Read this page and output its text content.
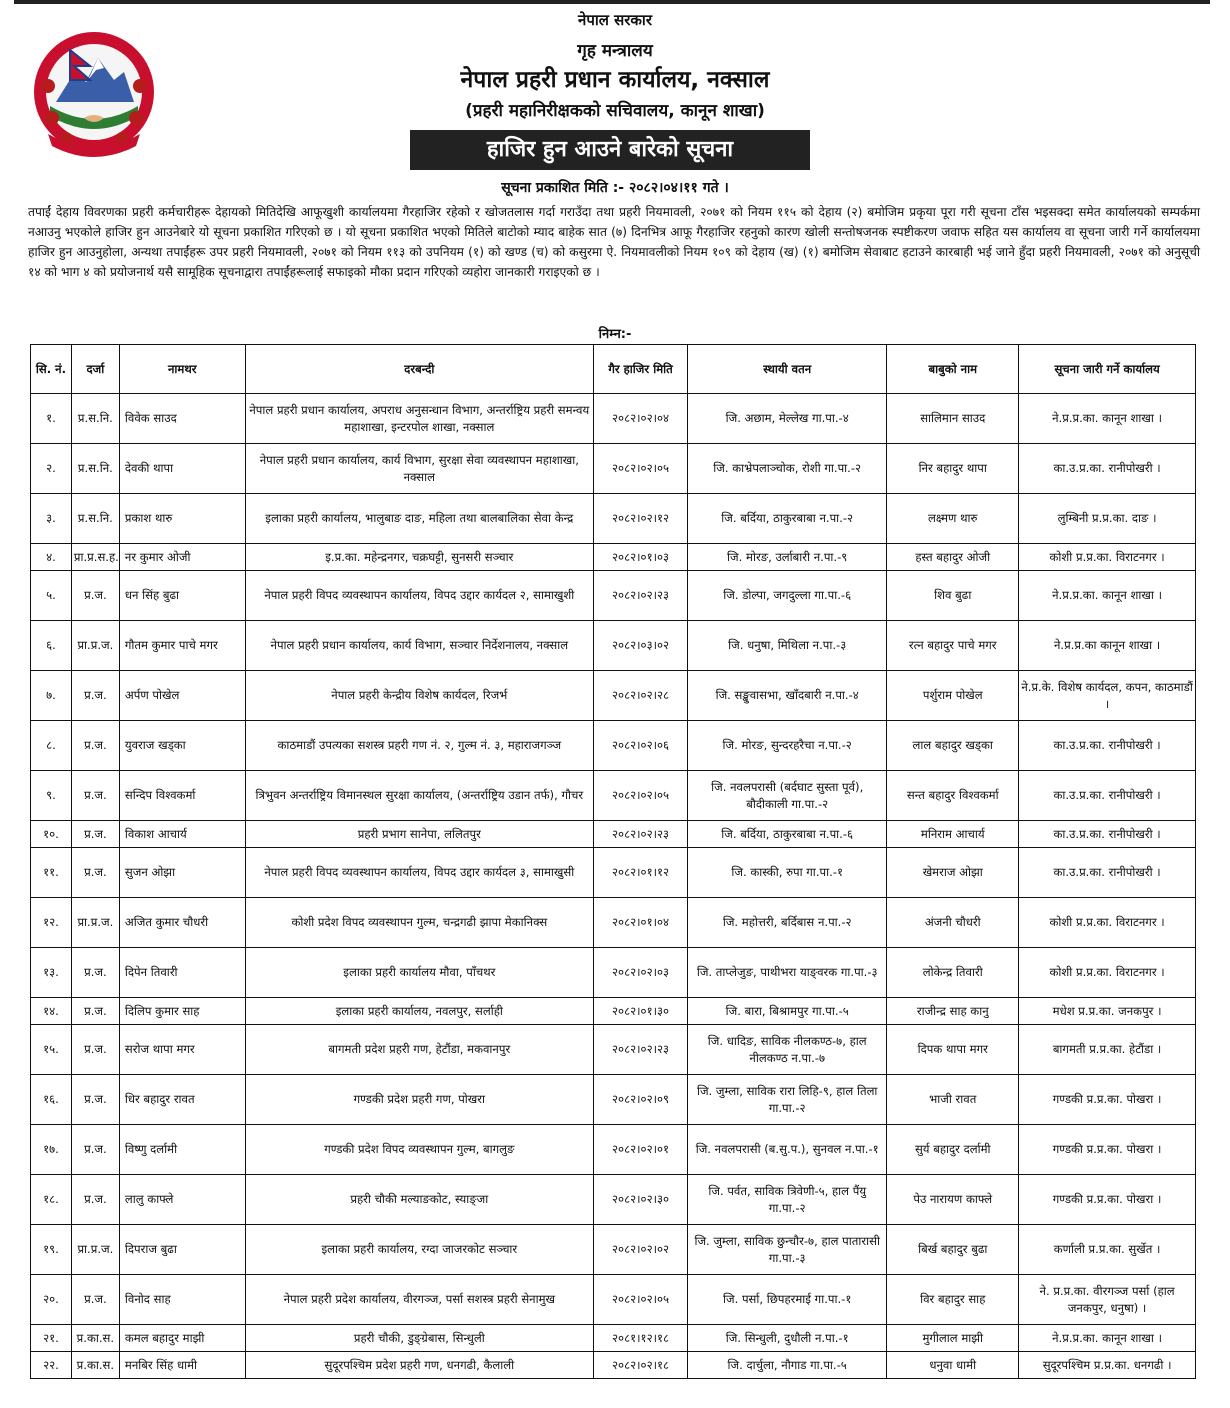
नेपाल सरकार
गृह मन्त्रालय
नेपाल प्रहरी प्रधान कार्यालय, नक्साल
(प्रहरी महानिरीक्षकको सचिवालय, कानून शाखा)
हाजिर हुन आउने बारेको सूचना
सूचना प्रकाशित मिति :- २०८२।०४।११ गते ।
तपाईं देहाय विवरणका प्रहरी कर्मचारीहरू देहायको मितिदेखि आफूखुशी कार्यालयमा गैरहाजिर रहेको र खोजतलास गर्दा गराउँदा तथा प्रहरी नियमावली, २०७१ को नियम ११५ को देहाय (२) बमोजिम प्रकृया पूरा गरी सूचना टाँस भइसक्दा समेत कार्यालयको सम्पर्कमा नआउनु भएकोले हाजिर हुन आउनेबारे यो सूचना प्रकाशित गरिएको छ । यो सूचना प्रकाशित भएको मितिले बाटोको म्याद बाहेक सात (७) दिनभित्र आफू गैरहाजिर रहनुको कारण खोली सन्तोषजनक स्पष्टीकरण जवाफ सहित यस कार्यालय वा सूचना जारी गर्ने कार्यालयमा हाजिर हुन आउनुहोला, अन्यथा तपाईंहरू उपर प्रहरी नियमावली, २०७१ को नियम ११३ को उपनियम (१) को खण्ड (च) को कसुरमा ऐ. नियमावलीको नियम १०९ को देहाय (ख) (१) बमोजिम सेवाबाट हटाउने कारबाही भई जाने हुँदा प्रहरी नियमावली, २०७१ को अनुसूची १४ को भाग ४ को प्रयोजनार्थ यसै सामूहिक सूचनाद्वारा तपाईंहरूलाई सफाइको मौका प्रदान गरिएको व्यहोरा जानकारी गराइएको छ ।
निम्न:-
सि. नं.	दर्जा	नामथर	दरबन्दी	गैर हाजिर मिति	स्थायी वतन	बाबुको नाम	सूचना जारी गर्ने कार्यालय
१.	प्र.स.नि.	विवेक साउद	नेपाल प्रहरी प्रधान कार्यालय, अपराध अनुसन्धान विभाग, अन्तर्राष्ट्रिय प्रहरी समन्वय महाशाखा, इन्टरपोल शाखा, नक्साल	२०८२।०२।०४	जि. अछाम, मेल्लेख गा.पा.-४	सालिमान साउद	ने.प्र.प्र.का. कानून शाखा ।
२.	प्र.स.नि.	देवकी थापा	नेपाल प्रहरी प्रधान कार्यालय, कार्य विभाग, सुरक्षा सेवा व्यवस्थापन महाशाखा, नक्साल	२०८२।०२।०५	जि. काभ्रेपलाञ्चोक, रोशी गा.पा.-२	निर बहादुर थापा	का.उ.प्र.का. रानीपोखरी ।
३.	प्र.स.नि.	प्रकाश थारु	इलाका प्रहरी कार्यालय, भालुबाङ दाङ, महिला तथा बालबालिका सेवा केन्द्र	२०८२।०२।१२	जि. बर्दिया, ठाकुरबाबा न.पा.-२	लक्ष्मण थारु	लुम्बिनी प्र.प्र.का. दाङ ।
४.	प्रा.प्र.स.ह.	नर कुमार ओजी	इ.प्र.का. महेन्द्रनगर, चक्रघट्टी, सुनसरी सञ्चार	२०८२।०१।०३	जि. मोरङ, उर्लाबारी न.पा.-९	हस्त बहादुर ओजी	कोशी प्र.प्र.का. विराटनगर ।
५.	प्र.ज.	धन सिंह बुढा	नेपाल प्रहरी विपद व्यवस्थापन कार्यालय, विपद उद्दार कार्यदल २, सामाखुशी	२०८२।०२।२३	जि. डोल्पा, जगदुल्ला गा.पा.-६	शिव बुढा	ने.प्र.प्र.का. कानून शाखा ।
६.	प्रा.प्र.ज.	गौतम कुमार पाचे मगर	नेपाल प्रहरी प्रधान कार्यालय, कार्य विभाग, सञ्चार निर्देशनालय, नक्साल	२०८२।०३।०२	जि. धनुषा, मिथिला न.पा.-३	रत्न बहादुर पाचे मगर	ने.प्र.प्र.का कानून शाखा ।
७.	प्र.ज.	अर्पण पोखेल	नेपाल प्रहरी केन्द्रीय विशेष कार्यदल, रिजर्भ	२०८२।०२।२८	जि. सङ्खुवासभा, खाँदबारी न.पा.-४	पर्शुराम पोखेल	ने.प्र.के. विशेष कार्यदल, कपन, काठमाडौं ।
८.	प्र.ज.	युवराज खड्का	काठमाडौं उपत्यका सशस्त्र प्रहरी गण नं. २, गुल्म नं. ३, महाराजगञ्ज	२०८२।०२।०६	जि. मोरङ, सुन्दरहरैचा न.पा.-२	लाल बहादुर खड्का	का.उ.प्र.का. रानीपोखरी ।
९.	प्र.ज.	सन्दिप विश्वकर्मा	त्रिभुवन अन्तर्राष्ट्रिय विमानस्थल सुरक्षा कार्यालय, (अन्तर्राष्ट्रिय उडान तर्फ), गौचर	२०८२।०२।०५	जि. नवलपरासी (बर्दघाट सुस्ता पूर्व), बौदीकाली गा.पा.-२	सन्त बहादुर विश्वकर्मा	का.उ.प्र.का. रानीपोखरी ।
१०.	प्र.ज.	विकाश आचार्य	प्रहरी प्रभाग सानेपा, ललितपुर	२०८२।०२।२३	जि. बर्दिया, ठाकुरबाबा न.पा.-६	मनिराम आचार्य	का.उ.प्र.का. रानीपोखरी ।
११.	प्र.ज.	सुजन ओझा	नेपाल प्रहरी विपद व्यवस्थापन कार्यालय, विपद उद्दार कार्यदल ३, सामाखुसी	२०८२।०१।१२	जि. कास्की, रुपा गा.पा.-१	खेमराज ओझा	का.उ.प्र.का. रानीपोखरी ।
१२.	प्रा.प्र.ज.	अजित कुमार चौधरी	कोशी प्रदेश विपद व्यवस्थापन गुल्म, चन्द्रगढी झापा मेकानिक्स	२०८२।०१।०४	जि. महोत्तरी, बर्दिबास न.पा.-२	अंजनी चौधरी	कोशी प्र.प्र.का. विराटनगर ।
१३.	प्र.ज.	दिपेन तिवारी	इलाका प्रहरी कार्यालय मौवा, पाँचथर	२०८२।०२।०३	जि. ताप्लेजुङ, पाथीभरा याङ्वरक गा.पा.-३	लोकेन्द्र तिवारी	कोशी प्र.प्र.का. विराटनगर ।
१४.	प्र.ज.	दिलिप कुमार साह	इलाका प्रहरी कार्यालय, नवलपुर, सर्लाही	२०८२।०१।३०	जि. बारा, बिश्रामपुर गा.पा.-५	राजीन्द्र साह कानु	मधेश प्र.प्र.का. जनकपुर ।
१५.	प्र.ज.	सरोज थापा मगर	बागमती प्रदेश प्रहरी गण, हेटौंडा, मकवानपुर	२०८२।०२।२३	जि. धादिङ, साविक नीलकण्ठ-७, हाल नीलकण्ठ न.पा.-७	दिपक थापा मगर	बागमती प्र.प्र.का. हेटौंडा ।
१६.	प्र.ज.	धिर बहादुर रावत	गण्डकी प्रदेश प्रहरी गण, पोखरा	२०८२।०२।०९	जि. जुम्ला, साविक रारा लिहि-९, हाल तिला गा.पा.-२	भाजी रावत	गण्डकी प्र.प्र.का. पोखरा ।
१७.	प्र.ज.	विष्णु दर्लामी	गण्डकी प्रदेश विपद व्यवस्थापन गुल्म, बागलुङ	२०८२।०२।०१	जि. नवलपरासी (ब.सु.प.), सुनवल न.पा.-१	सुर्य बहादुर दर्लामी	गण्डकी प्र.प्र.का. पोखरा ।
१८.	प्र.ज.	लालु काफ्ले	प्रहरी चौकी मल्याङकोट, स्याङ्जा	२०८२।०२।३०	जि. पर्वत, साविक त्रिवेणी-५, हाल पैंयु गा.पा.-२	पेउ नारायण काफ्ले	गण्डकी प्र.प्र.का. पोखरा ।
१९.	प्रा.प्र.ज.	दिपराज बुढा	इलाका प्रहरी कार्यालय, रग्दा जाजरकोट सञ्चार	२०८२।०२।०२	जि. जुम्ला, साविक छुन्चौर-७, हाल पातारासी गा.पा.-३	बिर्ख बहादुर बुढा	कर्णाली प्र.प्र.का. सुर्खेत ।
२०.	प्र.ज.	विनोद साह	नेपाल प्रहरी प्रदेश कार्यालय, वीरगञ्ज, पर्सा सशस्त्र प्रहरी सेनामुख	२०८२।०२।०५	जि. पर्सा, छिपहरमाई गा.पा.-१	विर बहादुर साह	ने. प्र.प्र.का. वीरगञ्ज पर्सा (हाल जनकपुर, धनुषा) ।
२१.	प्र.का.स.	कमल बहादुर माझी	प्रहरी चौकी, डुङ्ग्रेबास, सिन्धुली	२०८१।१२।१८	जि. सिन्धुली, दुधौली न.पा.-१	मुगीलाल माझी	ने.प्र.प्र.का. कानून शाखा ।
२२.	प्र.का.स.	मनबिर सिंह धामी	सुदूरपश्चिम प्रदेश प्रहरी गण, धनगढी, कैलाली	२०८२।०२।१८	जि. दार्चुला, नौगाड गा.पा.-५	धनुवा धामी	सुदूरपश्चिम प्र.प्र.का. धनगढी ।
